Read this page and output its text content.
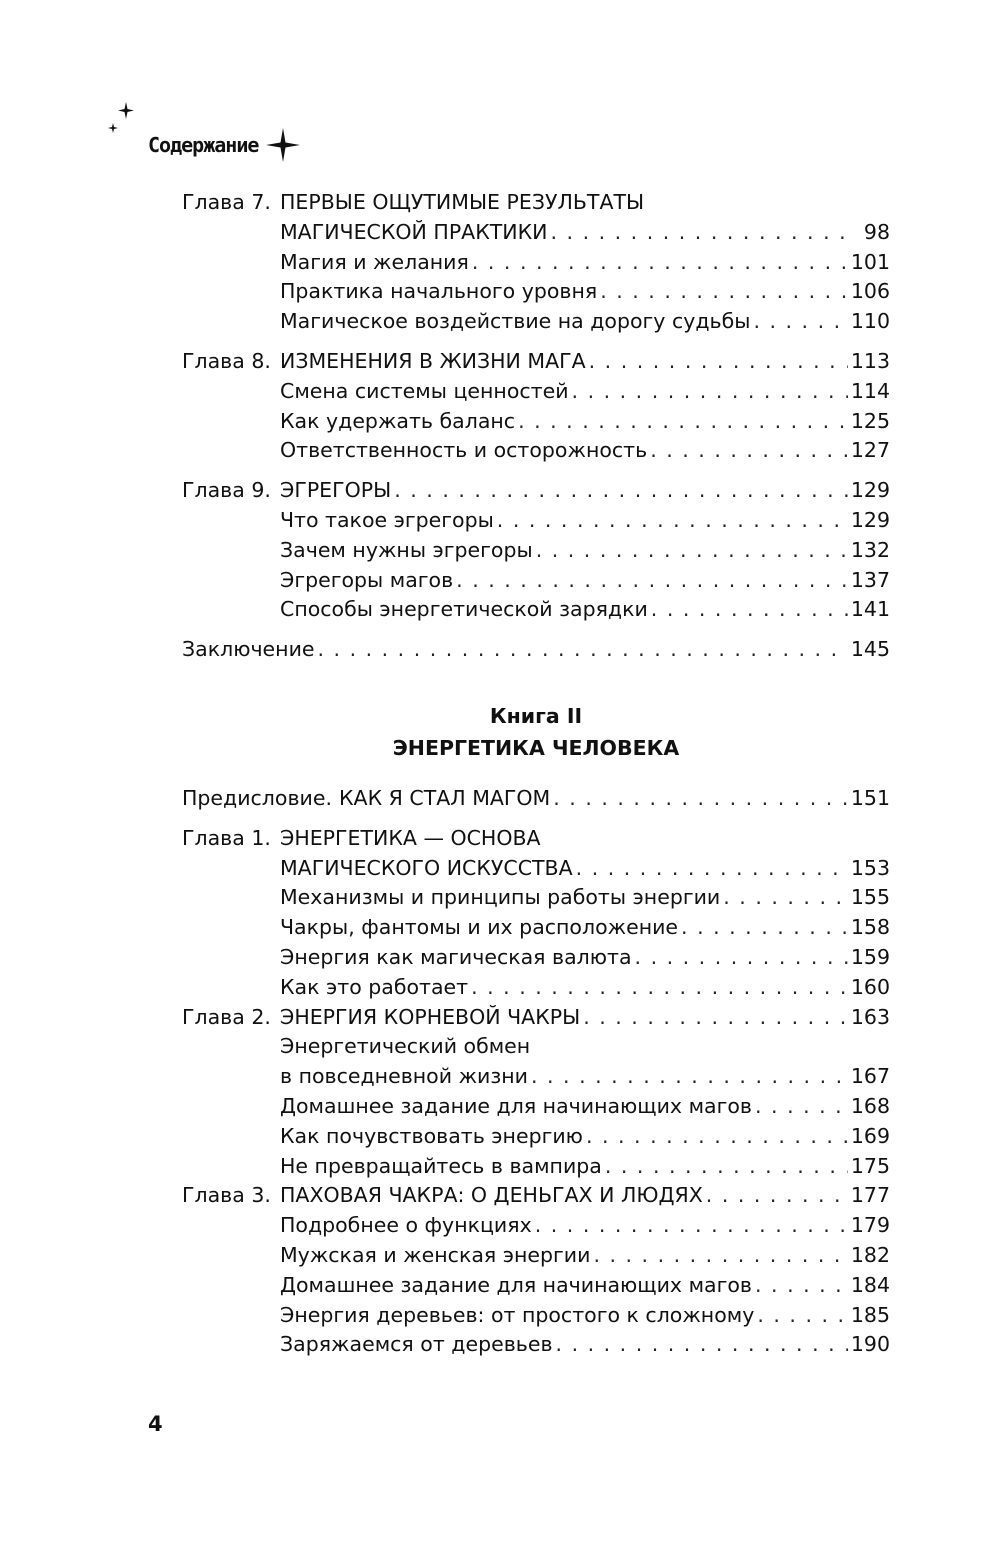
Содержание
Глава 7. ПЕРВЫЕ ОЩУТИМЫЕ РЕЗУЛЬТАТЫ
МАГИЧЕСКОЙ ПРАКТИКИ . . .	98
Магия и желания . . .	101
Практика начального уровня . . .	106
Магическое воздействие на дорогу судьбы . . .	110
Глава 8. ИЗМЕНЕНИЯ В ЖИЗНИ МАГА . . .	113
Смена системы ценностей . . .	114
Как удержать баланс . . .	125
Ответственность и осторожность . . .	127
Глава 9. ЭГРЕГОРЫ . . .	129
Что такое эгрегоры . . .	129
Зачем нужны эгрегоры . . .	132
Эгрегоры магов . . .	137
Способы энергетической зарядки . . .	141
Заключение . . .	145
Книга II
ЭНЕРГЕТИКА ЧЕЛОВЕКА
Предисловие. КАК Я СТАЛ МАГОМ . . .	151
Глава 1. ЭНЕРГЕТИКА — ОСНОВА
МАГИЧЕСКОГО ИСКУССТВА . . .	153
Механизмы и принципы работы энергии . . .	155
Чакры, фантомы и их расположение . . .	158
Энергия как магическая валюта . . .	159
Как это работает . . .	160
Глава 2. ЭНЕРГИЯ КОРНЕВОЙ ЧАКРЫ . . .	163
Энергетический обмен
в повседневной жизни . . .	167
Домашнее задание для начинающих магов . . .	168
Как почувствовать энергию . . .	169
Не превращайтесь в вампира . . .	175
Глава 3. ПАХОВАЯ ЧАКРА: О ДЕНЬГАХ И ЛЮДЯХ . . .	177
Подробнее о функциях . . .	179
Мужская и женская энергии . . .	182
Домашнее задание для начинающих магов . . .	184
Энергия деревьев: от простого к сложному . . .	185
Заряжаемся от деревьев . . .	190
4
